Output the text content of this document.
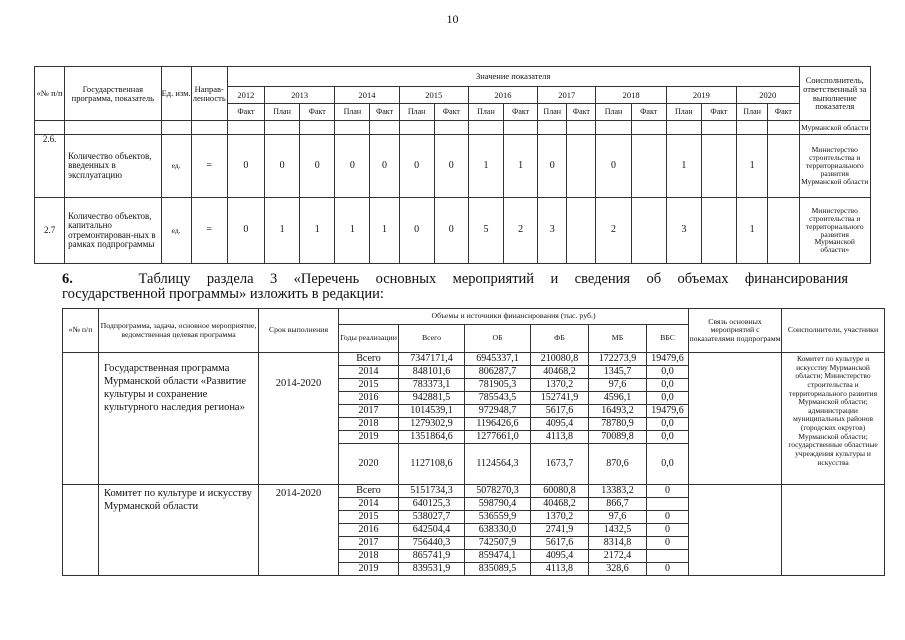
10
«№ п/п	Государственная программа, показатель	Ед. изм.	Направ-ленность	Значение показателя																	Соисполнитель, ответственный за выполнение показателя
				2012	2013		2014		2015		2016		2017		2018		2019		2020		
				Факт	План	Факт	План	Факт	План	Факт	План	Факт	План	Факт	План	Факт	План	Факт	План	Факт	
																					Мурманской области
2.6.	Количество объектов, введенных в эксплуатацию	ед.	=	0	0	0	0	0	0	0	1	1	0		0		1		1		Министерство строительства и территориального развития Мурманской области
2.7	Количество объектов, капитально отремонтирован-ных в рамках подпрограммы	ед.	=	0	1	1	1	1	0	0	5	2	3		2		3		1		Министерство строительства и территориального развития Мурманской области»
6.	Таблицу раздела 3 «Перечень основных мероприятий и сведения об объемах финансирования
государственной программы» изложить в редакции:
«№ п/п	Подпрограмма, задача, основное мероприятие, ведомственная целевая программа	Срок выполнения	Объемы и источники финансирования (тыс. руб.)						Связь основных мероприятий с показателями подпрограмм	Соисполнители, участники
			Годы реализации	Всего	ОБ	ФБ	МБ	ВБС		
	Государственная программа Мурманской области «Развитие культуры и сохранение культурного наследия региона»	2014-2020	Всего	7347171,4	6945337,1	210080,8	172273,9	19479,6		Комитет по культуре и искусству Мурманской области; Министерство строительства и территориального развития Мурманской области; администрации муниципальных районов (городских округов) Мурманской области; государственные областные учреждения культуры и искусства
			2014	848101,6	806287,7	40468,2	1345,7	0,0		
			2015	783373,1	781905,3	1370,2	97,6	0,0		
			2016	942881,5	785543,5	152741,9	4596,1	0,0		
			2017	1014539,1	972948,7	5617,6	16493,2	19479,6		
			2018	1279302,9	1196426,6	4095,4	78780,9	0,0		
			2019	1351864,6	1277661,0	4113,8	70089,8	0,0		
			2020	1127108,6	1124564,3	1673,7	870,6	0,0		
	Комитет по культуре и искусству Мурманской области	2014-2020	Всего	5151734,3	5078270,3	60080,8	13383,2	0		
			2014	640125,3	598790,4	40468,2	866,7			
			2015	538027,7	536559,9	1370,2	97,6	0		
			2016	642504,4	638330,0	2741,9	1432,5	0		
			2017	756440,3	742507,9	5617,6	8314,8	0		
			2018	865741,9	859474,1	4095,4	2172,4			
			2019	839531,9	835089,5	4113,8	328,6	0		
